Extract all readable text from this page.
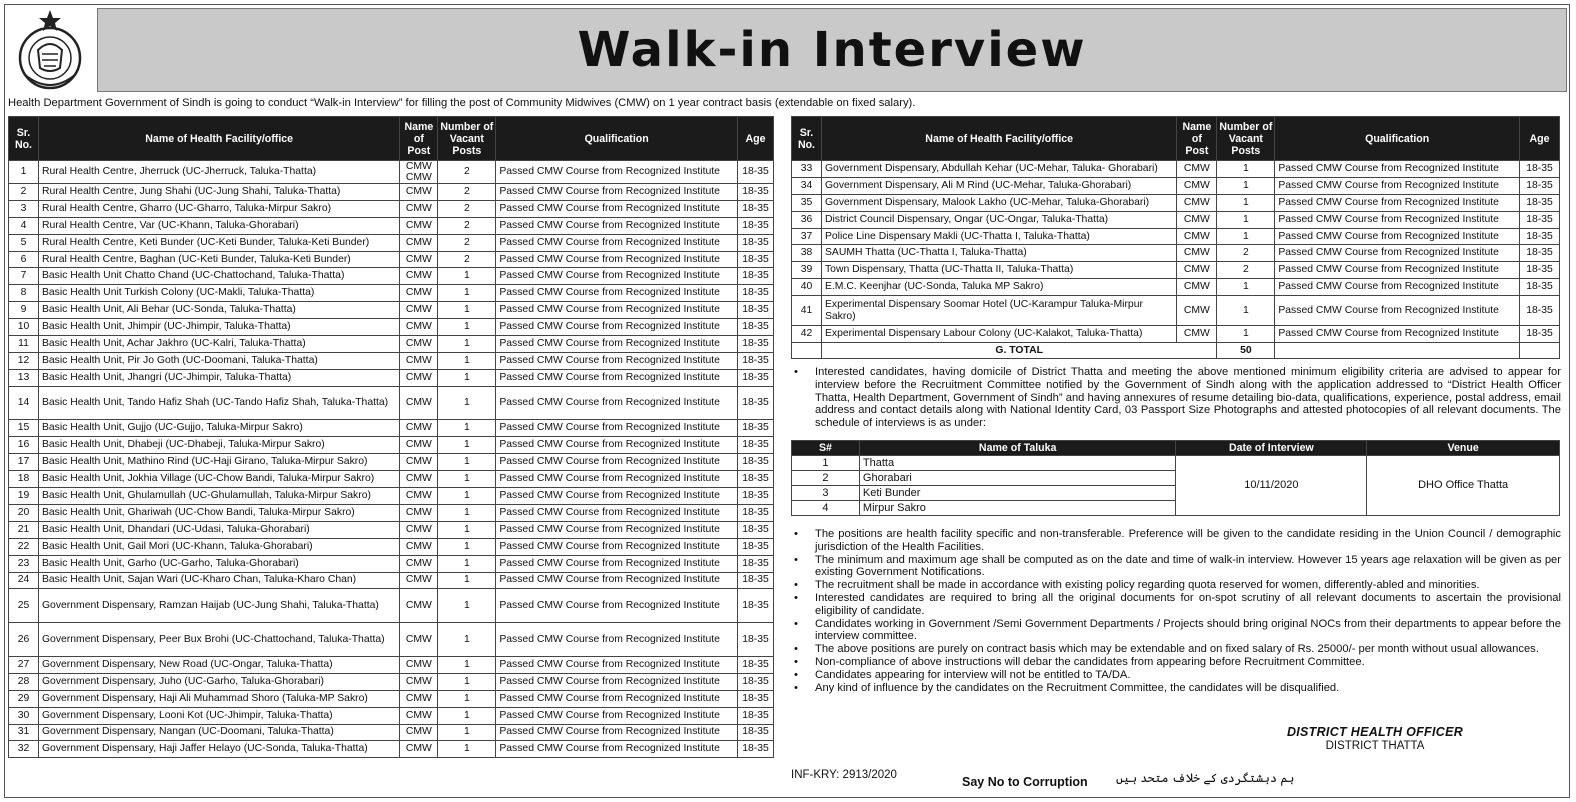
Walk-in Interview
Health Department Government of Sindh is going to conduct “Walk-in Interview” for filling the post of Community Midwives (CMW) on 1 year contract basis (extendable on fixed salary).
Sr. No.	Name of Health Facility/office	Name of Post	Number of Vacant Posts	Qualification	Age
1	Rural Health Centre, Jherruck (UC-Jherruck, Taluka-Thatta)	CMW CMW	2	Passed CMW Course from Recognized Institute	18-35
2	Rural Health Centre, Jung Shahi (UC-Jung Shahi, Taluka-Thatta)	CMW	2	Passed CMW Course from Recognized Institute	18-35
3	Rural Health Centre, Gharro (UC-Gharro, Taluka-Mirpur Sakro)	CMW	2	Passed CMW Course from Recognized Institute	18-35
4	Rural Health Centre, Var (UC-Khann, Taluka-Ghorabari)	CMW	2	Passed CMW Course from Recognized Institute	18-35
5	Rural Health Centre, Keti Bunder (UC-Keti Bunder, Taluka-Keti Bunder)	CMW	2	Passed CMW Course from Recognized Institute	18-35
6	Rural Health Centre, Baghan (UC-Keti Bunder, Taluka-Keti Bunder)	CMW	2	Passed CMW Course from Recognized Institute	18-35
7	Basic Health Unit Chatto Chand (UC-Chattochand, Taluka-Thatta)	CMW	1	Passed CMW Course from Recognized Institute	18-35
8	Basic Health Unit Turkish Colony (UC-Makli, Taluka-Thatta)	CMW	1	Passed CMW Course from Recognized Institute	18-35
9	Basic Health Unit, Ali Behar (UC-Sonda, Taluka-Thatta)	CMW	1	Passed CMW Course from Recognized Institute	18-35
10	Basic Health Unit, Jhimpir (UC-Jhimpir, Taluka-Thatta)	CMW	1	Passed CMW Course from Recognized Institute	18-35
11	Basic Health Unit, Achar Jakhro (UC-Kalri, Taluka-Thatta)	CMW	1	Passed CMW Course from Recognized Institute	18-35
12	Basic Health Unit, Pir Jo Goth (UC-Doomani, Taluka-Thatta)	CMW	1	Passed CMW Course from Recognized Institute	18-35
13	Basic Health Unit, Jhangri (UC-Jhimpir, Taluka-Thatta)	CMW	1	Passed CMW Course from Recognized Institute	18-35
14	Basic Health Unit, Tando Hafiz Shah (UC-Tando Hafiz Shah, Taluka-Thatta)	CMW	1	Passed CMW Course from Recognized Institute	18-35
15	Basic Health Unit, Gujjo (UC-Gujjo, Taluka-Mirpur Sakro)	CMW	1	Passed CMW Course from Recognized Institute	18-35
16	Basic Health Unit, Dhabeji (UC-Dhabeji, Taluka-Mirpur Sakro)	CMW	1	Passed CMW Course from Recognized Institute	18-35
17	Basic Health Unit, Mathino Rind (UC-Haji Girano, Taluka-Mirpur Sakro)	CMW	1	Passed CMW Course from Recognized Institute	18-35
18	Basic Health Unit, Jokhia Village (UC-Chow Bandi, Taluka-Mirpur Sakro)	CMW	1	Passed CMW Course from Recognized Institute	18-35
19	Basic Health Unit, Ghulamullah (UC-Ghulamullah, Taluka-Mirpur Sakro)	CMW	1	Passed CMW Course from Recognized Institute	18-35
20	Basic Health Unit, Ghariwah (UC-Chow Bandi, Taluka-Mirpur Sakro)	CMW	1	Passed CMW Course from Recognized Institute	18-35
21	Basic Health Unit, Dhandari (UC-Udasi, Taluka-Ghorabari)	CMW	1	Passed CMW Course from Recognized Institute	18-35
22	Basic Health Unit, Gail Mori (UC-Khann, Taluka-Ghorabari)	CMW	1	Passed CMW Course from Recognized Institute	18-35
23	Basic Health Unit, Garho (UC-Garho, Taluka-Ghorabari)	CMW	1	Passed CMW Course from Recognized Institute	18-35
24	Basic Health Unit, Sajan Wari (UC-Kharo Chan, Taluka-Kharo Chan)	CMW	1	Passed CMW Course from Recognized Institute	18-35
25	Government Dispensary, Ramzan Haijab (UC-Jung Shahi, Taluka-Thatta)	CMW	1	Passed CMW Course from Recognized Institute	18-35
26	Government Dispensary, Peer Bux Brohi (UC-Chattochand, Taluka-Thatta)	CMW	1	Passed CMW Course from Recognized Institute	18-35
27	Government Dispensary, New Road (UC-Ongar, Taluka-Thatta)	CMW	1	Passed CMW Course from Recognized Institute	18-35
28	Government Dispensary, Juho (UC-Garho, Taluka-Ghorabari)	CMW	1	Passed CMW Course from Recognized Institute	18-35
29	Government Dispensary, Haji Ali Muhammad Shoro (Taluka-MP Sakro)	CMW	1	Passed CMW Course from Recognized Institute	18-35
30	Government Dispensary, Looni Kot (UC-Jhimpir, Taluka-Thatta)	CMW	1	Passed CMW Course from Recognized Institute	18-35
31	Government Dispensary, Nangan (UC-Doomani, Taluka-Thatta)	CMW	1	Passed CMW Course from Recognized Institute	18-35
32	Government Dispensary, Haji Jaffer Helayo (UC-Sonda, Taluka-Thatta)	CMW	1	Passed CMW Course from Recognized Institute	18-35
Sr. No.	Name of Health Facility/office	Name of Post	Number of Vacant Posts	Qualification	Age
33	Government Dispensary, Abdullah Kehar (UC-Mehar, Taluka- Ghorabari)	CMW	1	Passed CMW Course from Recognized Institute	18-35
34	Government Dispensary, Ali M Rind (UC-Mehar, Taluka-Ghorabari)	CMW	1	Passed CMW Course from Recognized Institute	18-35
35	Government Dispensary, Malook Lakho (UC-Mehar, Taluka-Ghorabari)	CMW	1	Passed CMW Course from Recognized Institute	18-35
36	District Council Dispensary, Ongar (UC-Ongar, Taluka-Thatta)	CMW	1	Passed CMW Course from Recognized Institute	18-35
37	Police Line Dispensary Makli (UC-Thatta I, Taluka-Thatta)	CMW	1	Passed CMW Course from Recognized Institute	18-35
38	SAUMH Thatta (UC-Thatta I, Taluka-Thatta)	CMW	2	Passed CMW Course from Recognized Institute	18-35
39	Town Dispensary, Thatta (UC-Thatta II, Taluka-Thatta)	CMW	2	Passed CMW Course from Recognized Institute	18-35
40	E.M.C. Keenjhar (UC-Sonda, Taluka MP Sakro)	CMW	1	Passed CMW Course from Recognized Institute	18-35
41	Experimental Dispensary Soomar Hotel (UC-Karampur Taluka-Mirpur Sakro)	CMW	1	Passed CMW Course from Recognized Institute	18-35
42	Experimental Dispensary Labour Colony (UC-Kalakot, Taluka-Thatta)	CMW	1	Passed CMW Course from Recognized Institute	18-35
	G. TOTAL		50		
• Interested candidates, having domicile of District Thatta and meeting the above mentioned minimum eligibility criteria are advised to appear for interview before the Recruitment Committee notified by the Government of Sindh along with the application addressed to “District Health Officer Thatta, Health Department, Government of Sindh” and having annexures of resume detailing bio-data, qualifications, experience, postal address, email address and contact details along with National Identity Card, 03 Passport Size Photographs and attested photocopies of all relevant documents. The schedule of interviews is as under:
S#	Name of Taluka	Date of Interview	Venue
1	Thatta	10/11/2020	DHO Office Thatta
2	Ghorabari		
3	Keti Bunder		
4	Mirpur Sakro		
• The positions are health facility specific and non-transferable. Preference will be given to the candidate residing in the Union Council / demographic jurisdiction of the Health Facilities.
• The minimum and maximum age shall be computed as on the date and time of walk-in interview. However 15 years age relaxation will be given as per existing Government Notifications.
• The recruitment shall be made in accordance with existing policy regarding quota reserved for women, differently-abled and minorities.
• Interested candidates are required to bring all the original documents for on-spot scrutiny of all relevant documents to ascertain the provisional eligibility of candidate.
• Candidates working in Government /Semi Government Departments / Projects should bring original NOCs from their departments to appear before the interview committee.
• The above positions are purely on contract basis which may be extendable and on fixed salary of Rs. 25000/- per month without usual allowances.
• Non-compliance of above instructions will debar the candidates from appearing before Recruitment Committee.
• Candidates appearing for interview will not be entitled to TA/DA.
• Any kind of influence by the candidates on the Recruitment Committee, the candidates will be disqualified.
DISTRICT HEALTH OFFICER
DISTRICT THATTA
INF-KRY: 2913/2020	Say No to Corruption ہم دہشتگردی کے خلاف متحد ہیں
